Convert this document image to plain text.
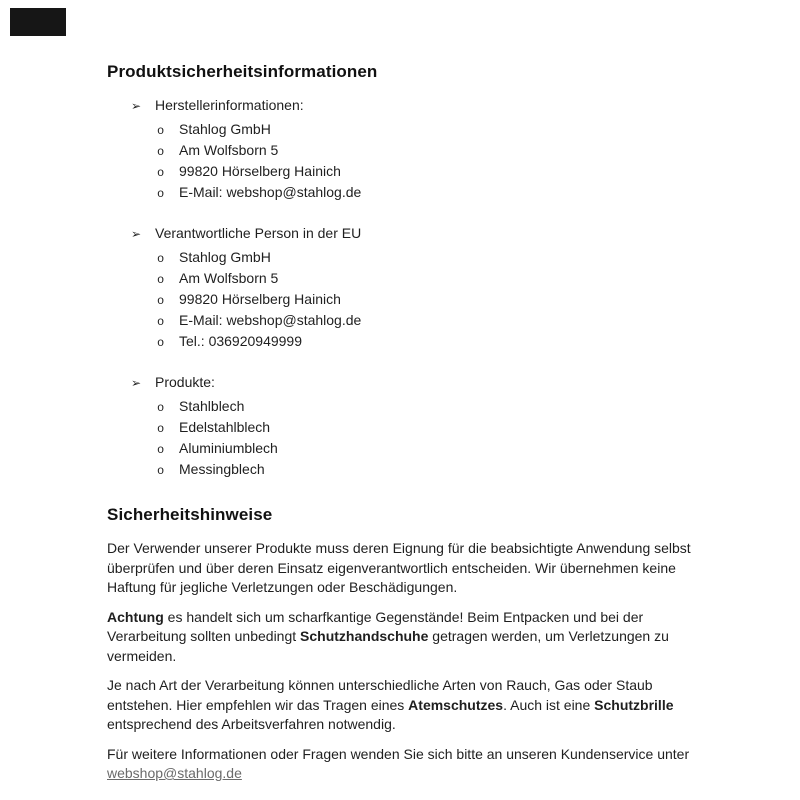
Produktsicherheitsinformationen
➢ Herstellerinformationen:
o Stahlog GmbH
o Am Wolfsborn 5
o 99820 Hörselberg Hainich
o E-Mail: webshop@stahlog.de
➢ Verantwortliche Person in der EU
o Stahlog GmbH
o Am Wolfsborn 5
o 99820 Hörselberg Hainich
o E-Mail: webshop@stahlog.de
o Tel.: 036920949999
➢ Produkte:
o Stahlblech
o Edelstahlblech
o Aluminiumblech
o Messingblech
Sicherheitshinweise

Der Verwender unserer Produkte muss deren Eignung für die beabsichtigte Anwendung selbst überprüfen und über deren Einsatz eigenverantwortlich entscheiden. Wir übernehmen keine Haftung für jegliche Verletzungen oder Beschädigungen.

Achtung es handelt sich um scharfkantige Gegenstände! Beim Entpacken und bei der Verarbeitung sollten unbedingt Schutzhandschuhe getragen werden, um Verletzungen zu vermeiden.

Je nach Art der Verarbeitung können unterschiedliche Arten von Rauch, Gas oder Staub entstehen. Hier empfehlen wir das Tragen eines Atemschutzes. Auch ist eine Schutzbrille entsprechend des Arbeitsverfahren notwendig.

Für weitere Informationen oder Fragen wenden Sie sich bitte an unseren Kundenservice unter webshop@stahlog.de
